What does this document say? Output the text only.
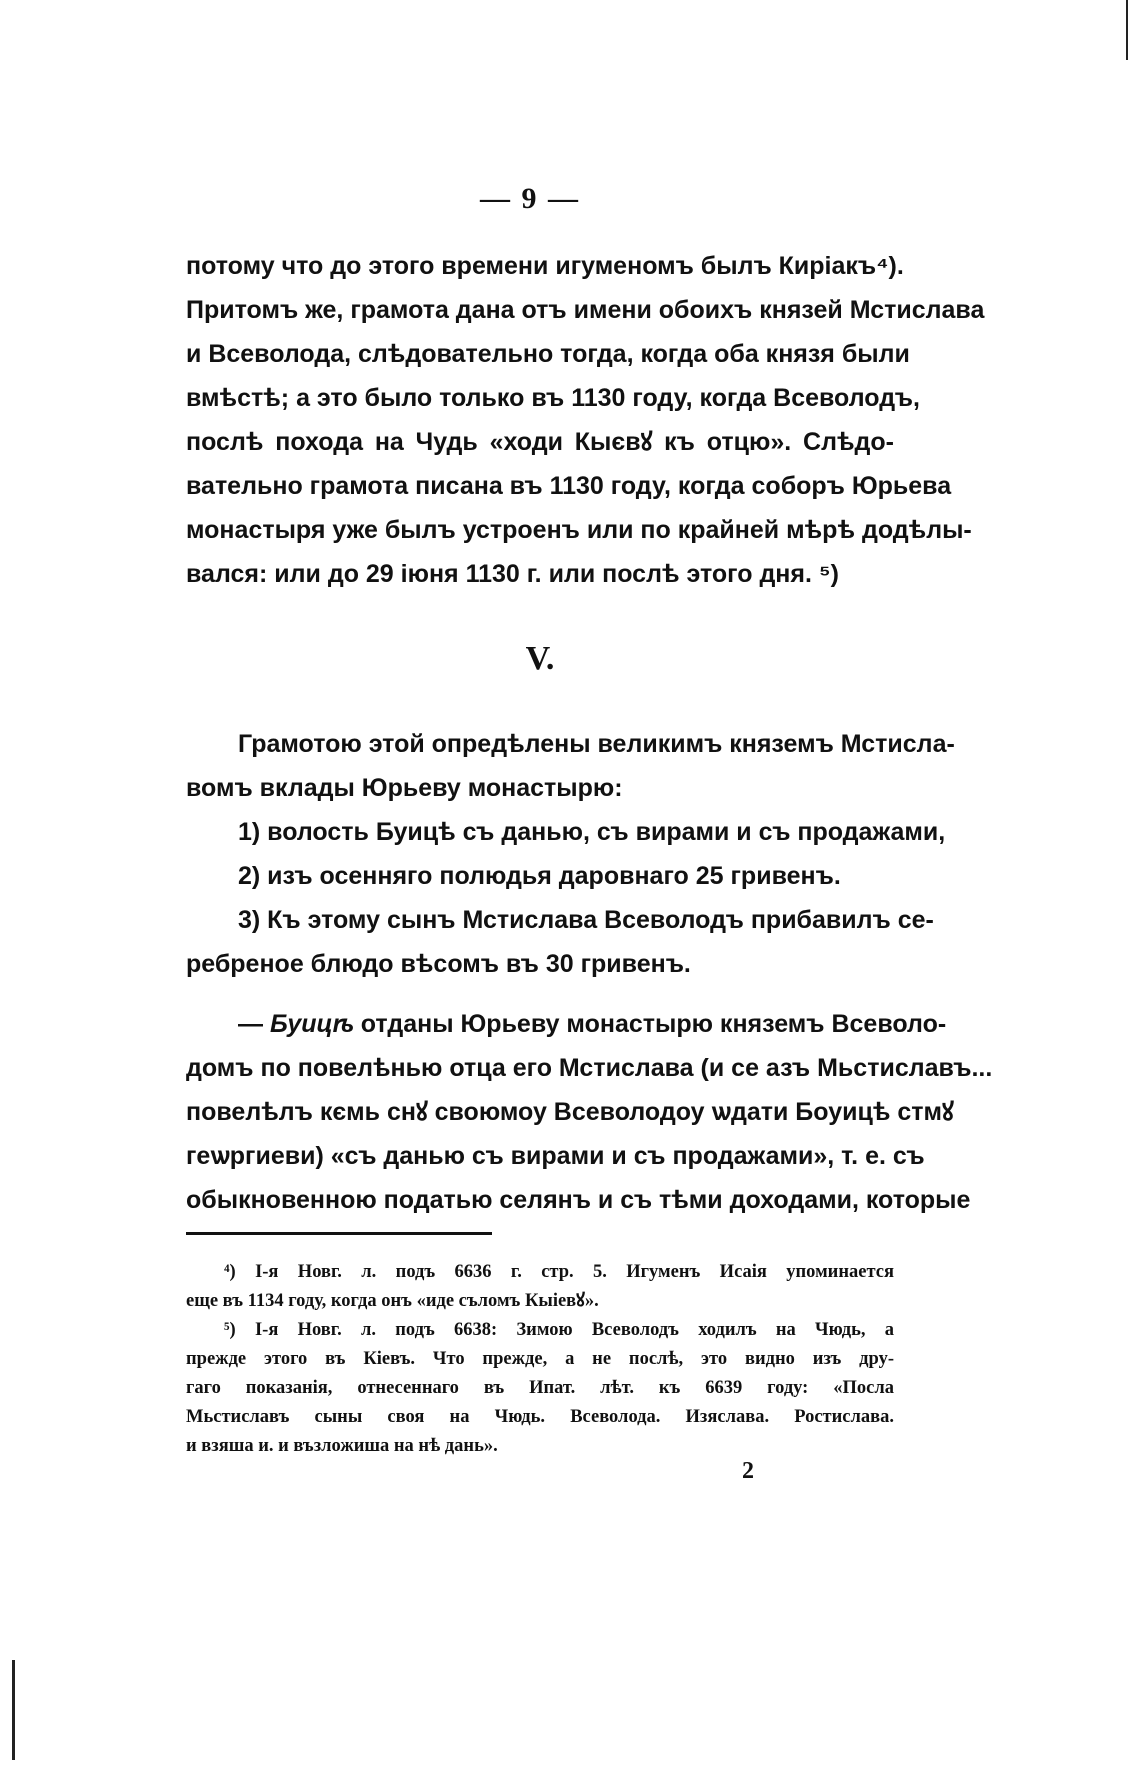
— 9 —
потому что до этого времени игуменомъ былъ Киріакъ⁴).
Притомъ же, грамота дана отъ имени обоихъ князей Мстислава
и Всеволода, слѣдовательно тогда, когда оба князя были
вмѣстѣ; а это было только въ 1130 году, когда Всеволодъ,
послѣ похода на Чудь «ходи Кыєвꙋ къ отцю». Слѣдо-
вательно грамота писана въ 1130 году, когда соборъ Юрьева
монастыря уже былъ устроенъ или по крайней мѣрѣ додѣлы-
вался: или до 29 іюня 1130 г. или послѣ этого дня. ⁵)
V.
Грамотою этой опредѣлены великимъ княземъ Мстисла-
вомъ вклады Юрьеву монастырю:
1) волость Буицѣ съ данью, съ вирами и съ продажами,
2) изъ осенняго полюдья даровнаго 25 гривенъ.
3) Къ этому сынъ Мстислава Всеволодъ прибавилъ се-
ребреное блюдо вѣсомъ въ 30 гривенъ.
— Буицѣ отданы Юрьеву монастырю княземъ Всеволо-
домъ по повелѣнью отца его Мстислава (и се азъ Мьстиславъ...
повелѣлъ кємь снꙋ своюмоу Всеволодоу ѡдати Боуицѣ стмꙋ
геѡргиеви) «съ данью съ вирами и съ продажами», т. е. съ
обыкновенною податью селянъ и съ тѣми доходами, которые
⁴) І-я Новг. л. подъ 6636 г. стр. 5. Игуменъ Исаія упоминается
еще въ 1134 году, когда онъ «иде съломъ Кыіевꙋ».
⁵) І-я Новг. л. подъ 6638: Зимою Всеволодъ ходилъ на Чюдь, а
прежде этого въ Кіевъ. Что прежде, а не послѣ, это видно изъ дру-
гаго показанія, отнесеннаго въ Ипат. лѣт. къ 6639 году: «Посла
Мьстиславъ сыны своя на Чюдь. Всеволода. Изяслава. Ростислава.
и взяша и. и възложиша на нѣ дань».
2
